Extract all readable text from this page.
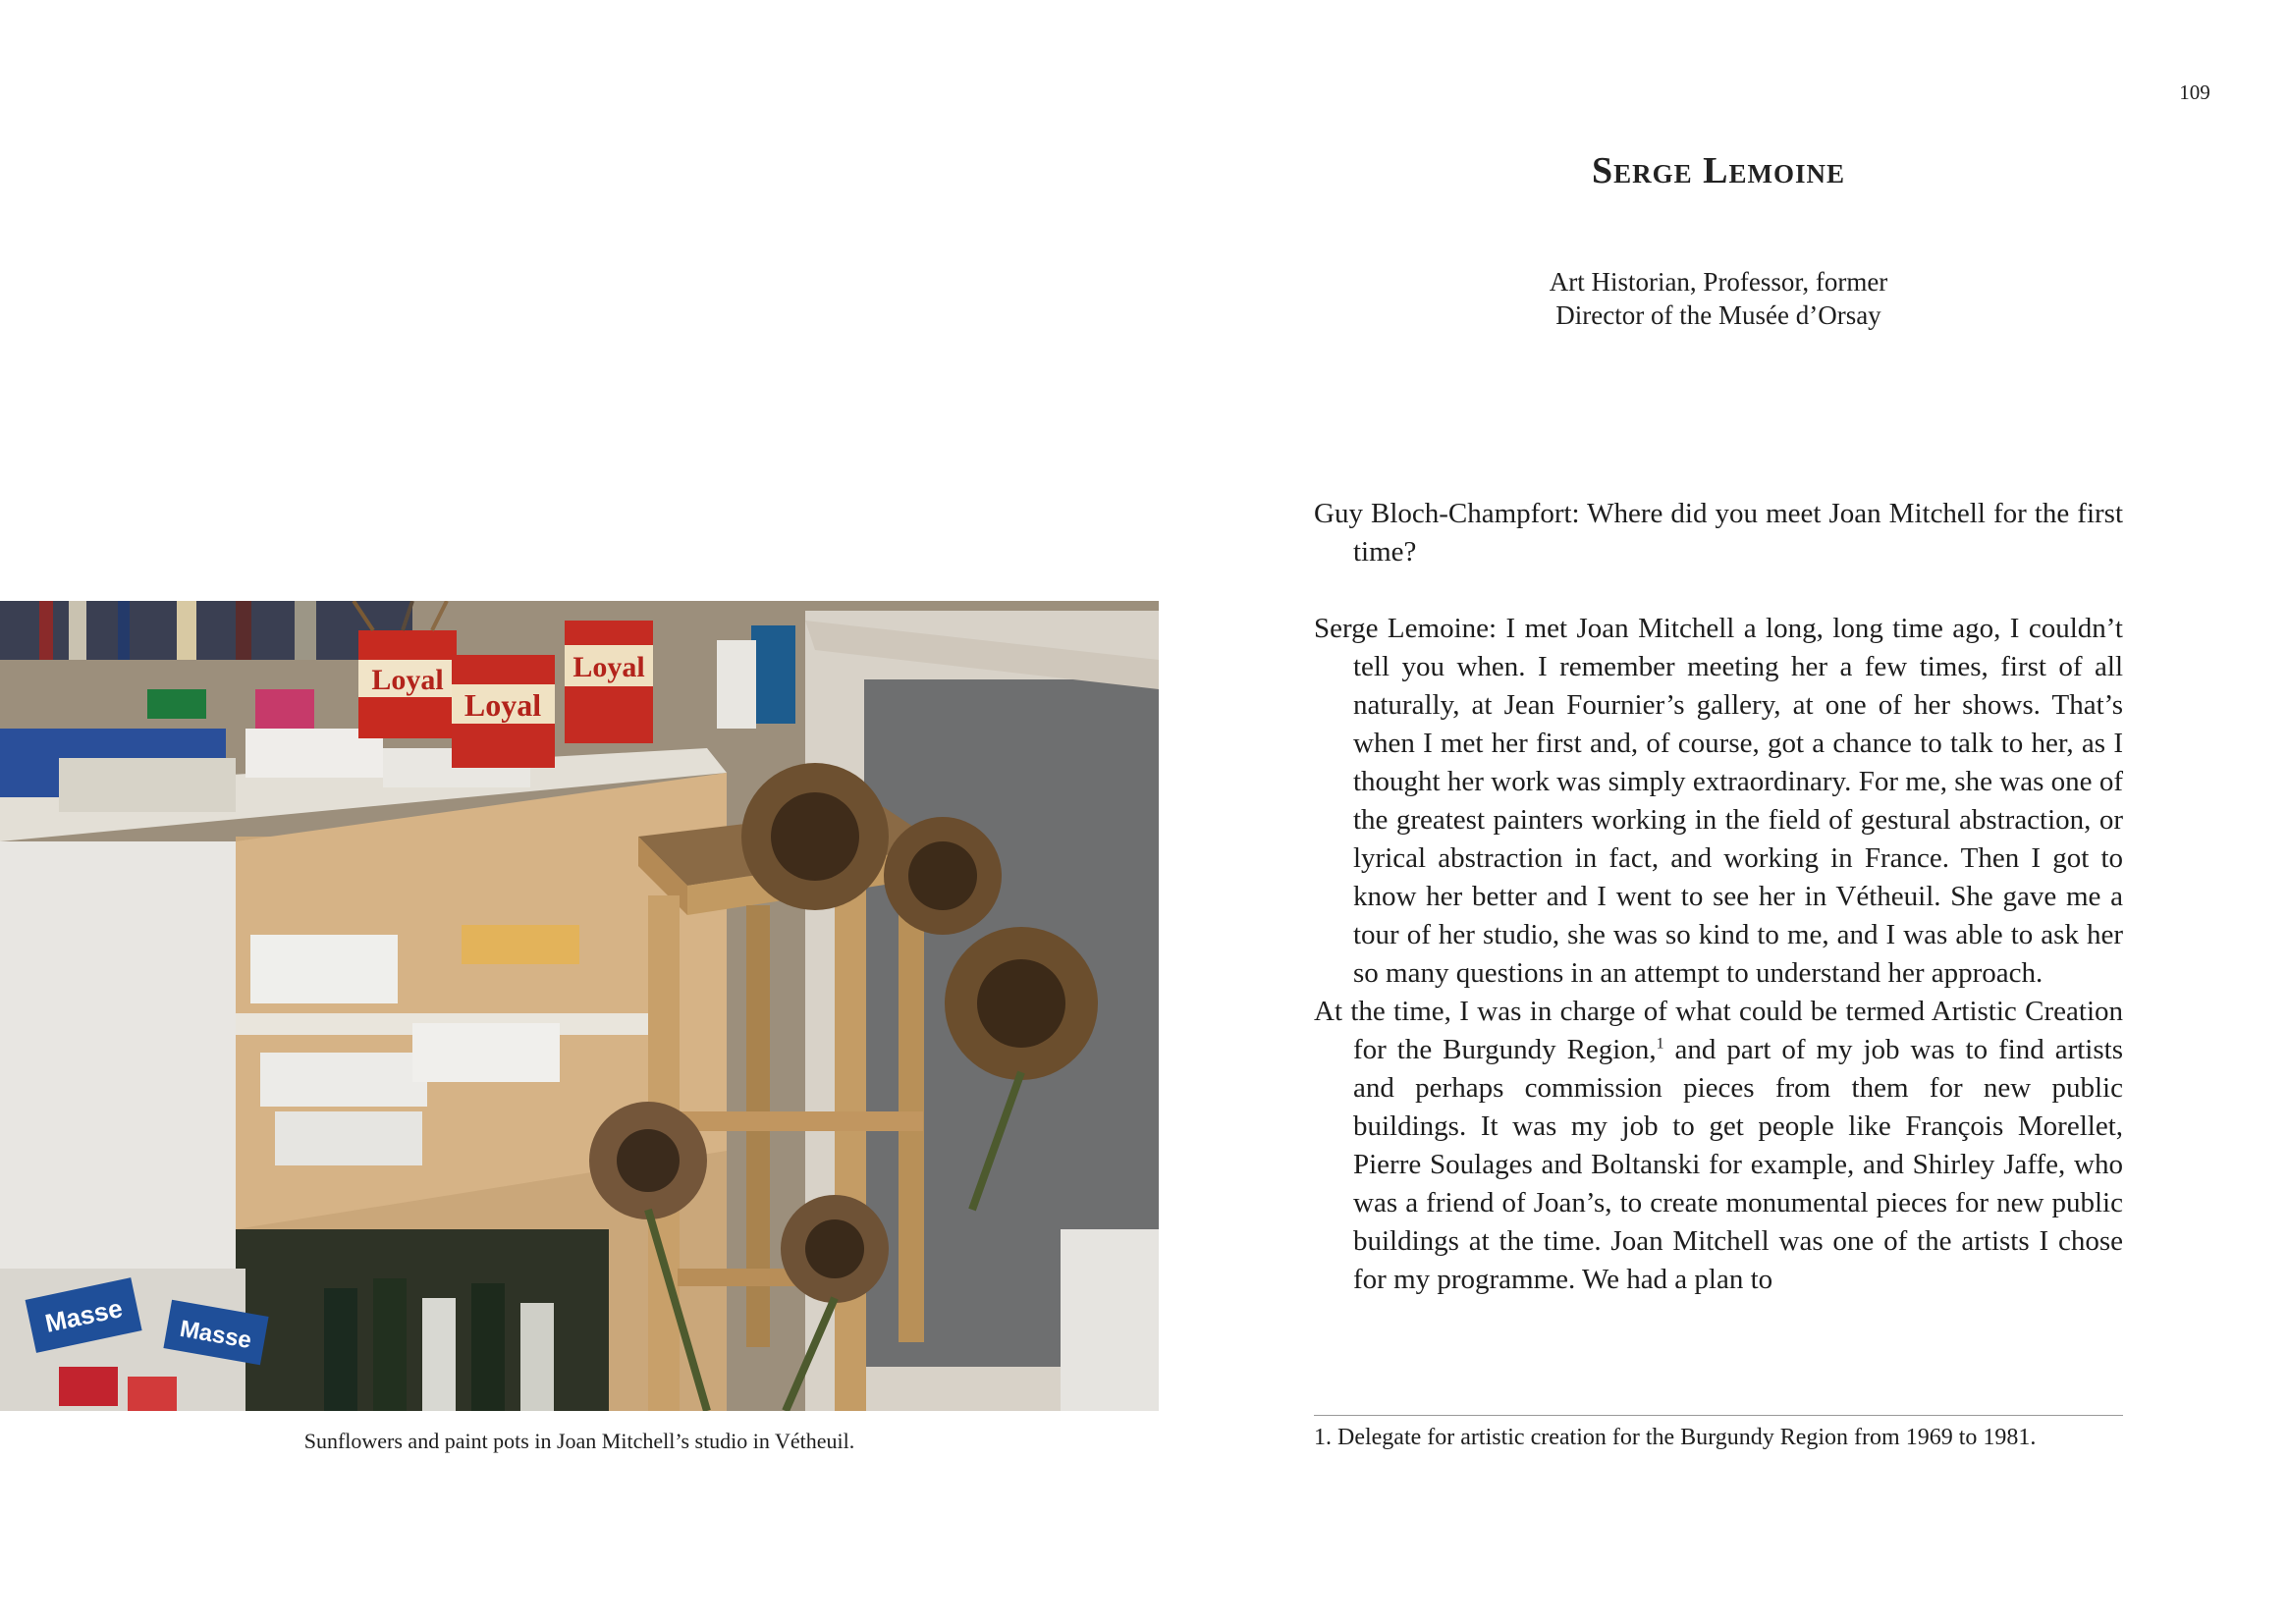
109
Serge Lemoine
Art Historian, Professor, former
Director of the Musée d’Orsay

Guy Bloch-Champfort: Where did you meet Joan Mitchell for the first time?

Serge Lemoine: I met Joan Mitchell a long, long time ago, I couldn’t tell you when. I remember meeting her a few times, first of all naturally, at Jean Fournier’s gallery, at one of her shows. That’s when I met her first and, of course, got a chance to talk to her, as I thought her work was simply extraordinary. For me, she was one of the greatest painters working in the field of gestural abstraction, or lyrical abstraction in fact, and working in France. Then I got to know her better and I went to see her in Vétheuil. She gave me a tour of her studio, she was so kind to me, and I was able to ask her so many questions in an attempt to understand her approach.

At the time, I was in charge of what could be termed Artistic Creation for the Burgundy Region,$^1$ and part of my job was to find artists and perhaps commission pieces from them for new public buildings. It was my job to get people like François Morellet, Pierre Soulages and Boltanski for example, and Shirley Jaffe, who was a friend of Joan’s, to create monumental pieces for new public buildings at the time. Joan Mitchell was one of the artists I chose for my programme. We had a plan to

1. Delegate for artistic creation for the Burgundy Region from 1969 to 1981.
Loyal
Loyal
Loyal
Masse Masse
Sunflowers and paint pots in Joan Mitchell’s studio in Vétheuil.
